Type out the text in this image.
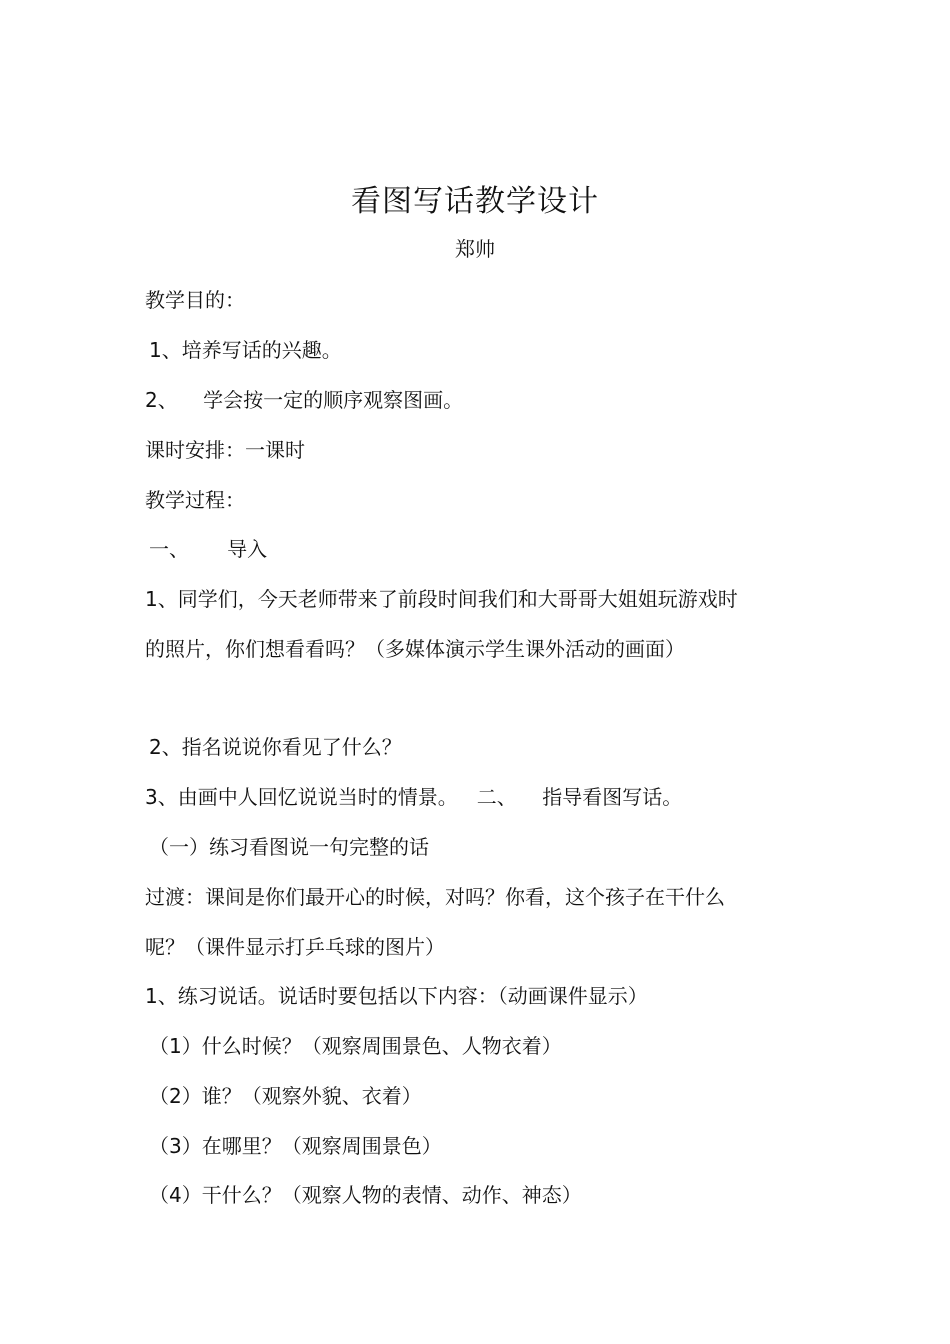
看图写话教学设计
郑帅
教学目的：
1、培养写话的兴趣。
2、    学会按一定的顺序观察图画。
课时安排：一课时
教学过程：
一、      导入
1、同学们，今天老师带来了前段时间我们和大哥哥大姐姐玩游戏时
的照片，你们想看看吗？（多媒体演示学生课外活动的画面）
2、指名说说你看见了什么？
3、由画中人回忆说说当时的情景。   二、    指导看图写话。
（一）练习看图说一句完整的话
过渡：课间是你们最开心的时候，对吗？你看，这个孩子在干什么
呢？（课件显示打乒乓球的图片）
1、练习说话。说话时要包括以下内容：（动画课件显示）
（1）什么时候？（观察周围景色、人物衣着）
（2）谁？（观察外貌、衣着）
（3）在哪里？（观察周围景色）
（4）干什么？（观察人物的表情、动作、神态）
